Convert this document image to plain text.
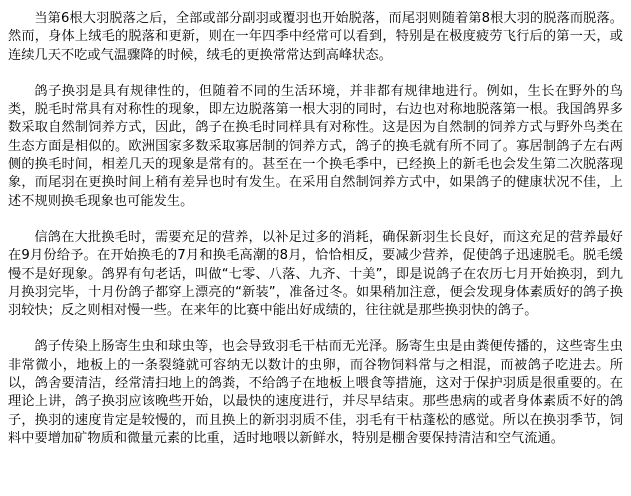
当第6根大羽脱落之后，全部或部分副羽或覆羽也开始脱落，而尾羽则随着第8根大羽的脱落而脱落。然而，身体上绒毛的脱落和更新，则在一年四季中经常可以看到，特别是在极度疲劳飞行后的第一天，或连续几天不吃或气温骤降的时候，绒毛的更换常常达到高峰状态。

鸽子换羽是具有规律性的，但随着不同的生活环境，并非都有规律地进行。例如，生长在野外的鸟类，脱毛时常具有对称性的现象，即左边脱落第一根大羽的同时，右边也对称地脱落第一根。我国鸽界多数采取自然制饲养方式，因此，鸽子在换毛时同样具有对称性。这是因为自然制的饲养方式与野外鸟类在生态方面是相似的。欧洲国家多数采取寡居制的饲养方式，鸽子的换毛就有所不同了。寡居制鸽子左右两侧的换毛时间，相差几天的现象是常有的。甚至在一个换毛季中，已经换上的新毛也会发生第二次脱落现象，而尾羽在更换时间上稍有差异也时有发生。在采用自然制饲养方式中，如果鸽子的健康状况不佳，上述不规则换毛现象也可能发生。

信鸽在大批换毛时，需要充足的营养，以补足过多的消耗，确保新羽生长良好，而这充足的营养最好在9月份给予。在开始换毛的7月和换毛高潮的8月，恰恰相反，要减少营养，促使鸽子迅速脱毛。脱毛缓慢不是好现象。鸽界有句老话，叫做“七零、八落、九齐、十美”，即是说鸽子在农历七月开始换羽，到九月换羽完毕，十月份鸽子都穿上漂亮的“新装”，准备过冬。如果稍加注意，便会发现身体素质好的鸽子换羽较快；反之则相对慢一些。在来年的比赛中能出好成绩的，往往就是那些换羽快的鸽子。

鸽子传染上肠寄生虫和球虫等，也会导致羽毛干枯而无光泽。肠寄生虫是由粪便传播的，这些寄生虫非常微小，地板上的一条裂缝就可容纳无以数计的虫卵，而谷物饲料常与之相混，而被鸽子吃进去。所以，鸽舍要清洁，经常清扫地上的鸽粪，不给鸽子在地板上喂食等措施，这对于保护羽质是很重要的。在理论上讲，鸽子换羽应该晚些开始，以最快的速度进行，并尽早结束。那些患病的或者身体素质不好的鸽子，换羽的速度肯定是较慢的，而且换上的新羽羽质不佳，羽毛有干枯蓬松的感觉。所以在换羽季节，饲料中要增加矿物质和微量元素的比重，适时地喂以新鲜水，特别是棚舍要保持清洁和空气流通。
